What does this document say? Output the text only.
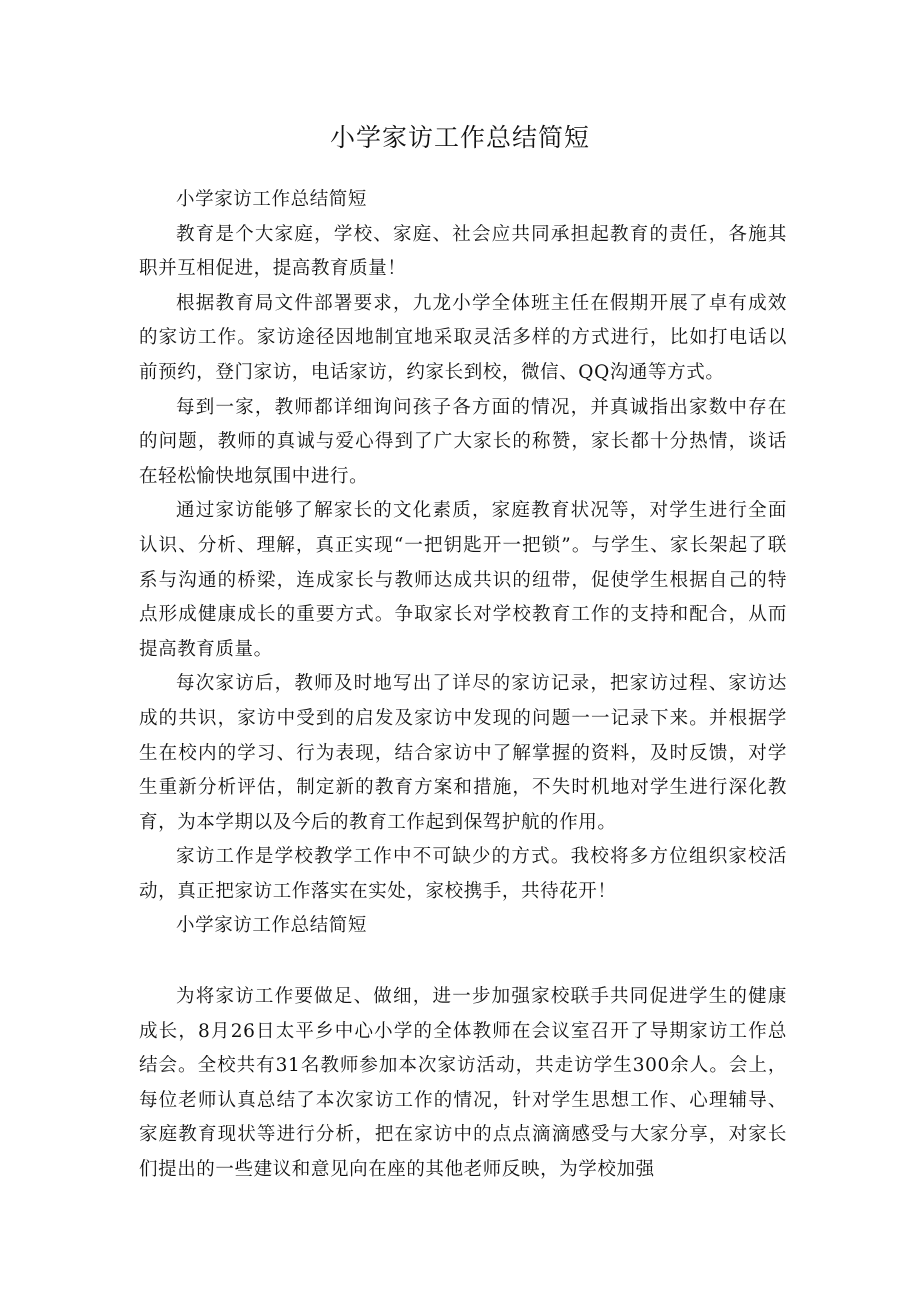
小学家访工作总结简短

小学家访工作总结简短

教育是个大家庭，学校、家庭、社会应共同承担起教育的责任，各施其职并互相促进，提高教育质量！

根据教育局文件部署要求，九龙小学全体班主任在假期开展了卓有成效的家访工作。家访途径因地制宜地采取灵活多样的方式进行，比如打电话以前预约，登门家访，电话家访，约家长到校，微信、QQ沟通等方式。

每到一家，教师都详细询问孩子各方面的情况，并真诚指出家数中存在的问题，教师的真诚与爱心得到了广大家长的称赞，家长都十分热情，谈话在轻松愉快地氛围中进行。

通过家访能够了解家长的文化素质，家庭教育状况等，对学生进行全面认识、分析、理解，真正实现“一把钥匙开一把锁”。与学生、家长架起了联系与沟通的桥梁，连成家长与教师达成共识的纽带，促使学生根据自己的特点形成健康成长的重要方式。争取家长对学校教育工作的支持和配合，从而提高教育质量。

每次家访后，教师及时地写出了详尽的家访记录，把家访过程、家访达成的共识，家访中受到的启发及家访中发现的问题一一记录下来。并根据学生在校内的学习、行为表现，结合家访中了解掌握的资料，及时反馈，对学生重新分析评估，制定新的教育方案和措施，不失时机地对学生进行深化教育，为本学期以及今后的教育工作起到保驾护航的作用。

家访工作是学校教学工作中不可缺少的方式。我校将多方位组织家校活动，真正把家访工作落实在实处，家校携手，共待花开！

小学家访工作总结简短

为将家访工作要做足、做细，进一步加强家校联手共同促进学生的健康成长，8月26日太平乡中心小学的全体教师在会议室召开了导期家访工作总结会。全校共有31名教师参加本次家访活动，共走访学生300余人。会上，每位老师认真总结了本次家访工作的情况，针对学生思想工作、心理辅导、家庭教育现状等进行分析，把在家访中的点点滴滴感受与大家分享，对家长们提出的一些建议和意见向在座的其他老师反映，为学校加强
